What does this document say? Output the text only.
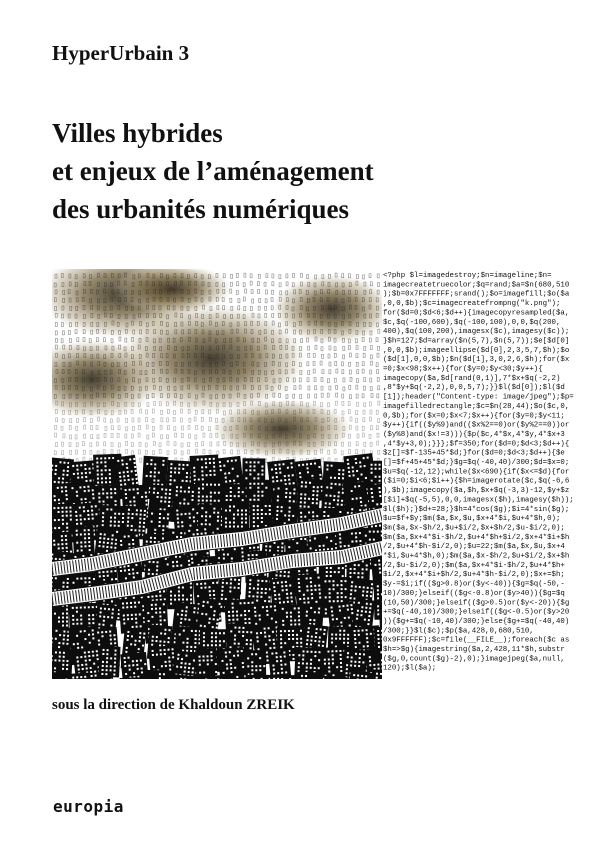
HyperUrbain 3
Villes hybrides
et enjeux de l’aménagement
des urbanités numériques
<?php $l=imagedestroy;$n=imageline;$n=
imagecreatetruecolor;$q=rand;$a=$n(680,510
);$b=0x7FFFFFFF;srand();$o=imagefill;$o($a
,0,0,$b);$c=imagecreatefrompng("k.png");
for($d=0;$d<6;$d++){imagecopyresampled($a,
$c,$q(-100,600),$q(-100,100),0,0,$q(200,
400),$q(100,200),imagesx($c),imagesy($c));
}$h=127;$d=array($n(5,7),$n(5,7));$e[$d[0]
,0,0,$b);imageellipse($d[0],2,3,5,7,$h);$o
($d[1],0,0,$b);$n($d[1],3,0,2,6,$h);for($x
=0;$x<98;$x++){for($y=0;$y<30;$y++){
imagecopy($a,$d[rand(0,1)],7*$x+$q(-2,2)
,8*$y+$q(-2,2),0,0,5,7);}}$l($d[0]);$l($d
[1]);header("Content-type: image/jpeg");$p=
imagefilledrectangle;$c=$n(28,44);$o($c,0,
0,$b);for($x=0;$x<7;$x++){for($y=0;$y<11;
$y++){if(($y%9)and(($x%2==0)or($y%2==0))or
($y%8)and($x!=3))){$p($c,4*$x,4*$y,4*$x+3
,4*$y+3,0);}}};$f=350;for($d=0;$d<3;$d++){
$z[]=$f-135+45*$d;}for($d=0;$d<3;$d++){$e
[]=$f+45+45*$d;}$g=$q(-40,40)/300;$d=$x=0;
$u=$q(-12,12);while($x<690){if($x<=$d){for
($i=0;$i<6;$i++){$h=imagerotate($c,$q(-6,6
),$b);imagecopy($a,$h,$x+$q(-3,3)-12,$y+$z
[$i]+$q(-5,5),0,0,imagesx($h),imagesy($h));
$l($h);}$d+=28;}$h=4*cos($g);$i=4*sin($g);
$u=$f+$y;$m($a,$x,$u,$x+4*$i,$u+4*$h,0);
$m($a,$x-$h/2,$u+$i/2,$x+$h/2,$u-$i/2,0);
$m($a,$x+4*$i-$h/2,$u+4*$h+$i/2,$x+4*$i+$h
/2,$u+4*$h-$i/2,0);$u=22;$m($a,$x,$u,$x+4
*$i,$u+4*$h,0);$m($a,$x-$h/2,$u+$i/2,$x+$h
/2,$u-$i/2,0);$m($a,$x+4*$i-$h/2,$u+4*$h+
$i/2,$x+4*$i+$h/2,$u+4*$h-$i/2,0);$x+=$h;
$y-=$i;if(($g>0.8)or($y<-40)){$g=$q(-50,-
10)/300;}elseif(($g<-0.8)or($y>40)){$g=$q
(10,50)/300;}elseif(($g>0.5)or($y<-20)){$g
+=$q(-40,10)/300;}elseif(($g<-0.5)or($y>20
)){$g+=$q(-10,40)/300;}else{$g+=$q(-40,40)
/300;}}$l($c);$p($a,428,0,680,510,
0x9FFFFFF);$c=file(__FILE__);foreach($c as
$h=>$g){imagestring($a,2,428,11*$h,substr
($g,0,count($g)-2),0);}imagejpeg($a,null,
120);$l($a);

sous la direction de Khaldoun ZREIK

europia
